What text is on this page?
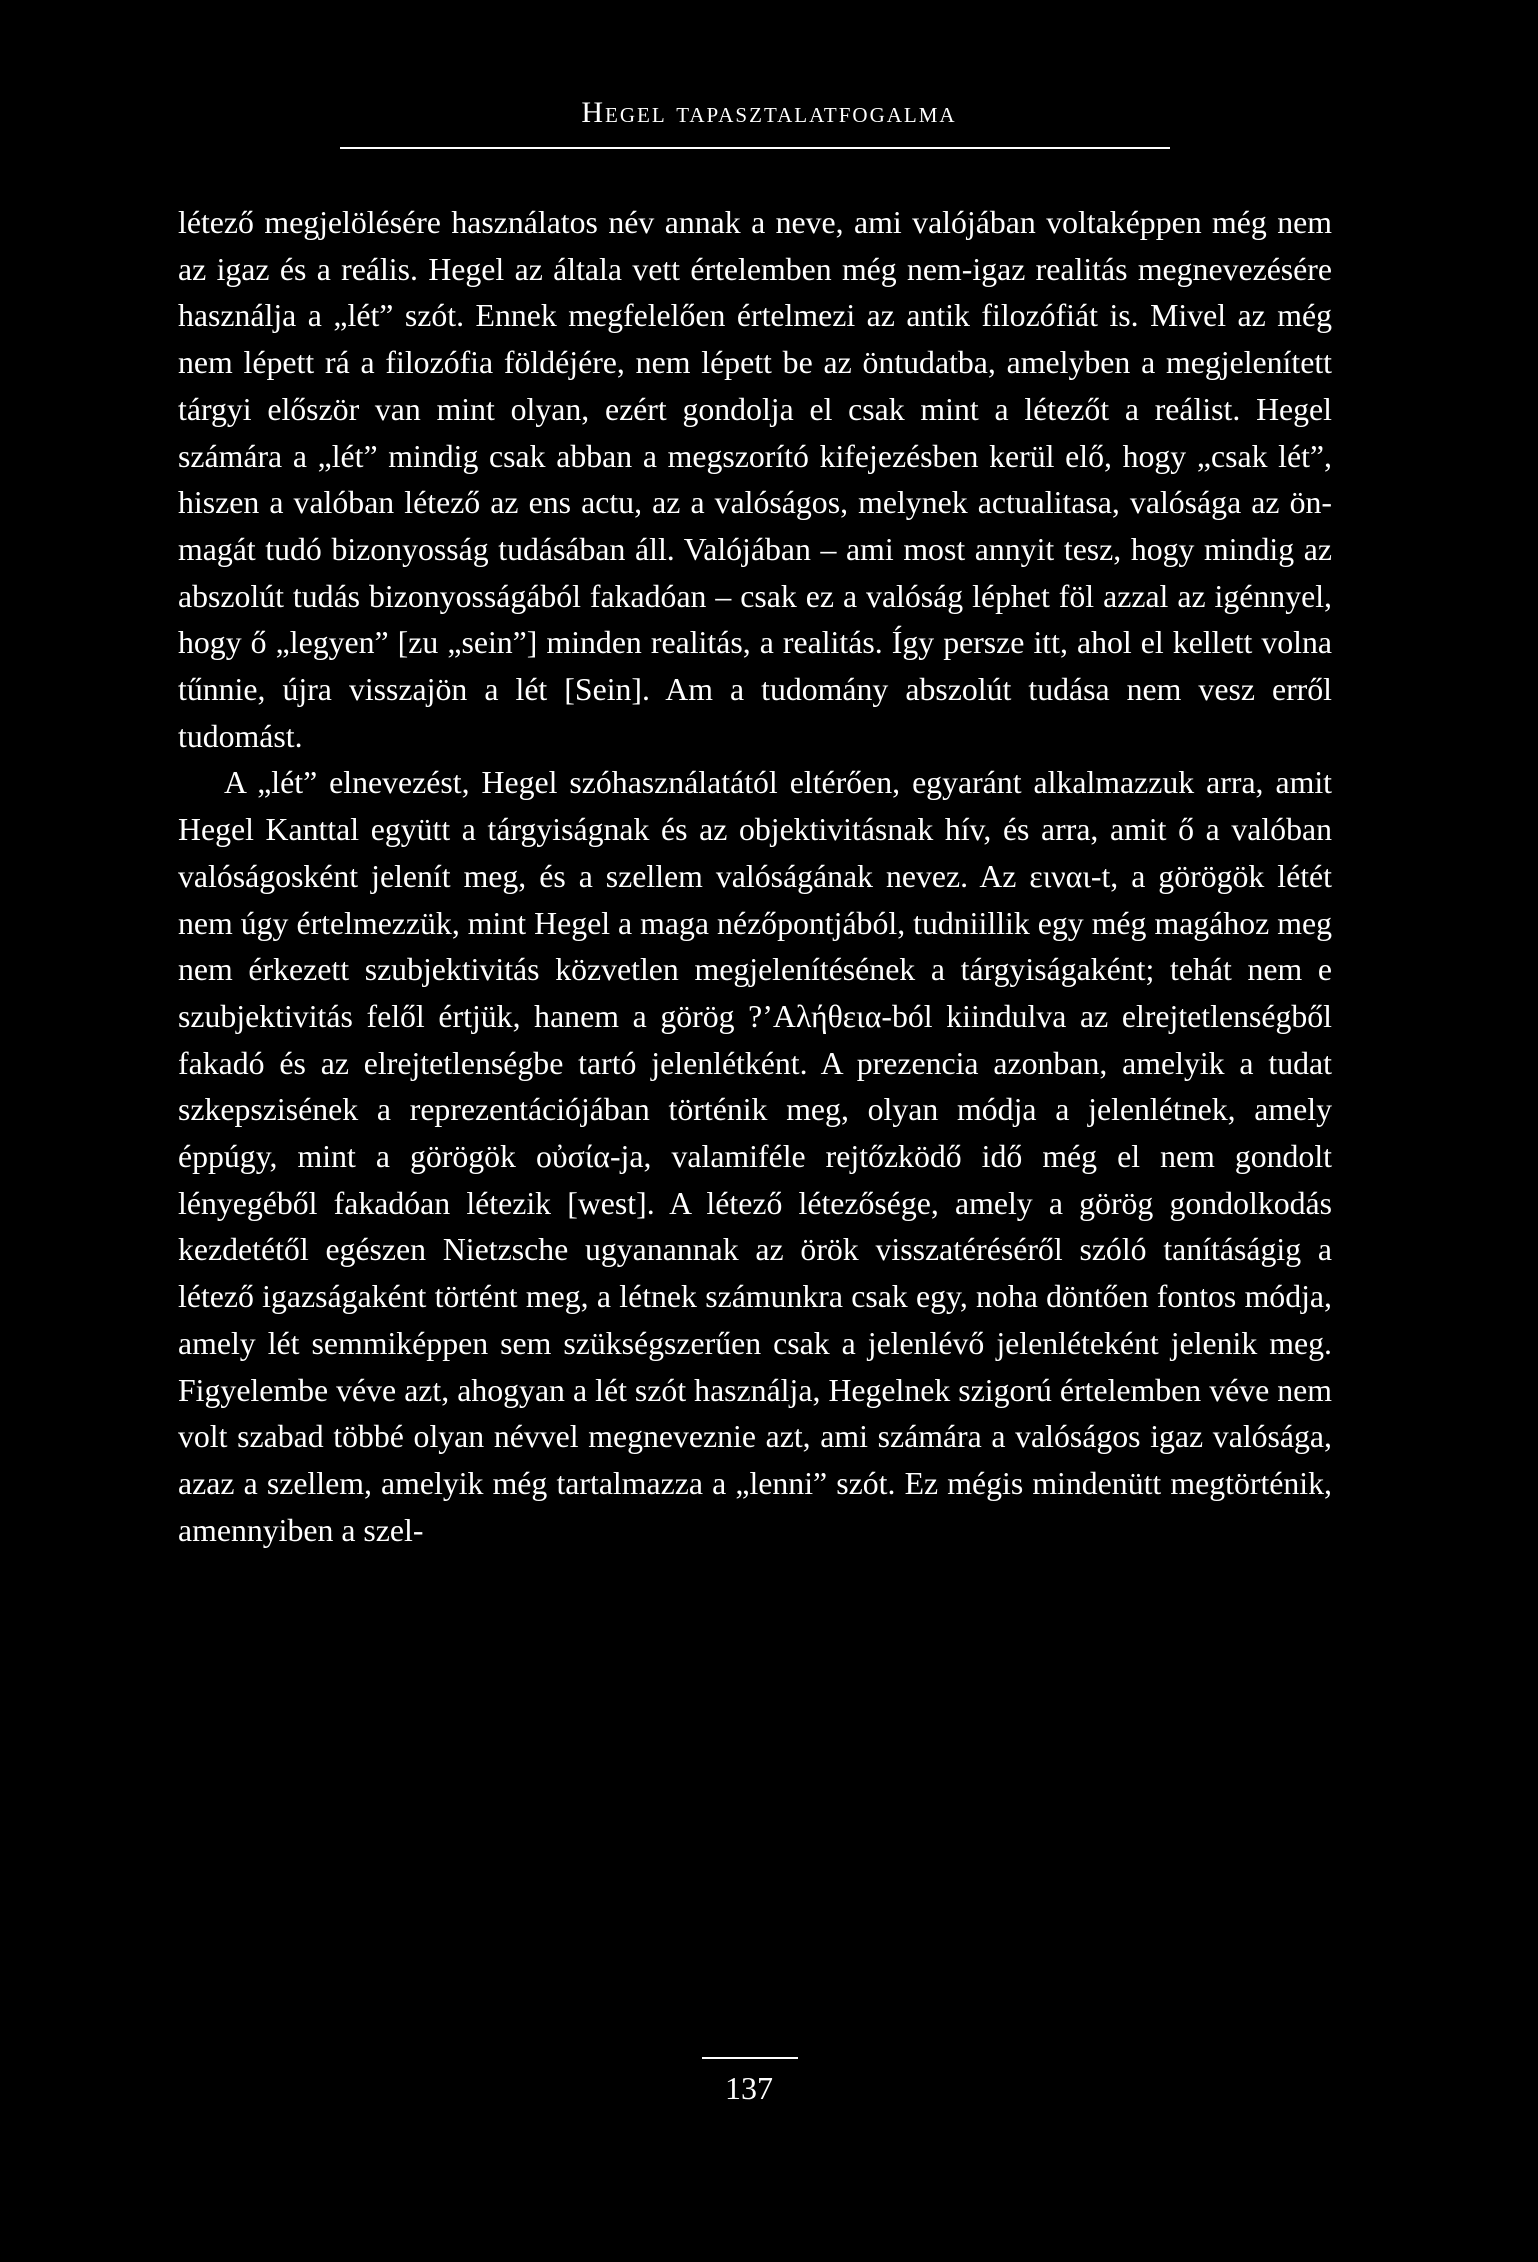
Hegel tapasztalatfogalma

létező megjelölésére használatos név annak a neve, ami valójában voltaképpen még nem az igaz és a reális. Hegel az általa vett értelemben még nem-igaz realitás megnevezésére használja a „lét” szót. Ennek megfelelően értelmezi az antik filozófiát is. Mivel az még nem lépett rá a filozófia földéjére, nem lépett be az öntudatba, amelyben a megjelenített tárgyi először van mint olyan, ezért gondolja el csak mint a létezőt a reálist. Hegel számára a „lét” mindig csak abban a megszorító kifejezésben kerül elő, hogy „csak lét”, hiszen a valóban létező az ens actu, az a valóságos, melynek actualitasa, valósága az önmagát tudó bizonyosság tudásában áll. Valójában – ami most annyit tesz, hogy mindig az abszolút tudás bizonyosságából fakadóan – csak ez a valóság léphet föl azzal az igénnyel, hogy ő „legyen” [zu „sein”] minden realitás, a realitás. Így persze itt, ahol el kellett volna tűnnie, újra visszajön a lét [Sein]. Am a tudomány abszolút tudása nem vesz erről tudomást.

A „lét” elnevezést, Hegel szóhasználatától eltérően, egyaránt alkalmazzuk arra, amit Hegel Kanttal együtt a tárgyiságnak és az objektivitásnak hív, és arra, amit ő a valóban valóságosként jelenít meg, és a szellem valóságának nevez. Az ειναι-t, a görögök létét nem úgy értelmezzük, mint Hegel a maga nézőpontjából, tudniillik egy még magához meg nem érkezett szubjektivitás közvetlen megjelenítésének a tárgyiságaként; tehát nem e szubjektivitás felől értjük, hanem a görög ?’Αλήθεια-ból kiindulva az elrejtetlenségből fakadó és az elrejtetlenségbe tartó jelenlétként. A prezencia azonban, amelyik a tudat szkepszisének a reprezentációjában történik meg, olyan módja a jelenlétnek, amely éppúgy, mint a görögök οὐσία-ja, valamiféle rejtőzködő idő még el nem gondolt lényegéből fakadóan létezik [west]. A létező létezősége, amely a görög gondolkodás kezdetétől egészen Nietzsche ugyanannak az örök visszatéréséről szóló tanításágig a létező igazságaként történt meg, a létnek számunkra csak egy, noha döntően fontos módja, amely lét semmiképpen sem szükségszerűen csak a jelenlévő jelenléteként jelenik meg. Figyelembe véve azt, ahogyan a lét szót használja, Hegelnek szigorú értelemben véve nem volt szabad többé olyan névvel megneveznie azt, ami számára a valóságos igaz valósága, azaz a szellem, amelyik még tartalmazza a „lenni” szót. Ez mégis mindenütt megtörténik, amennyiben a szel-

137
